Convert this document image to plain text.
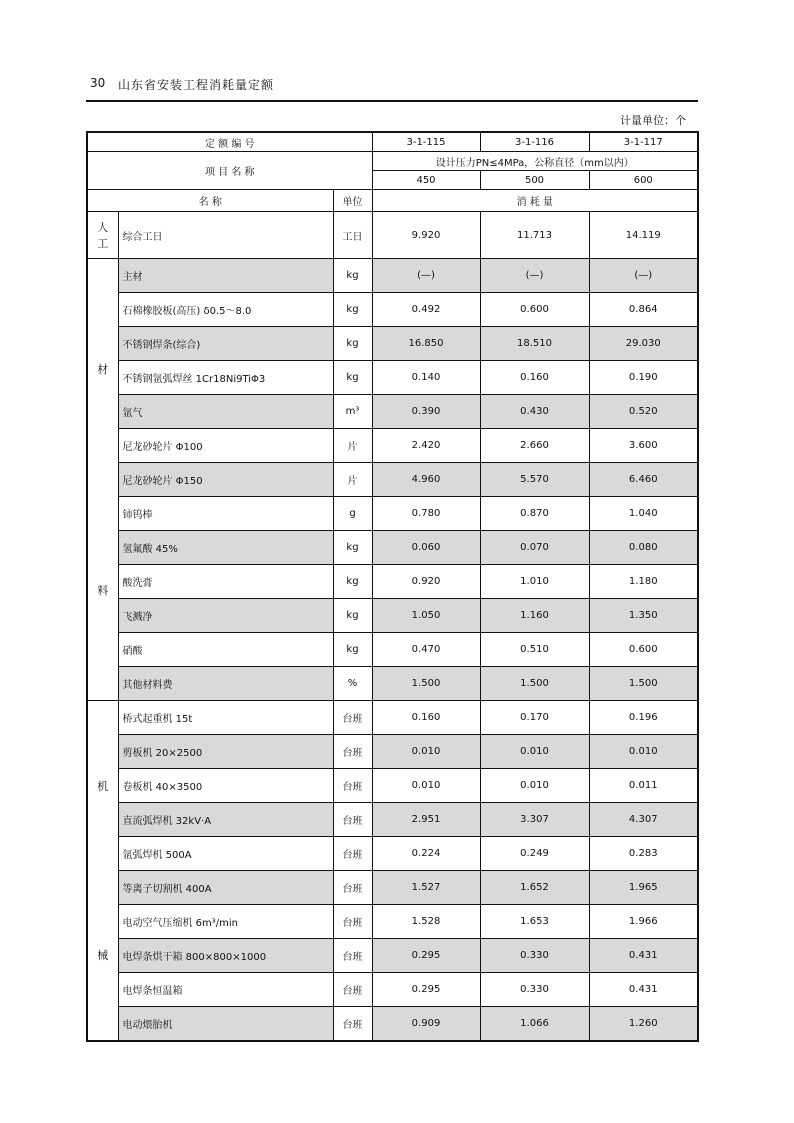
30 山东省安装工程消耗量定额
计量单位：个
定 额 编 号			3-1-115	3-1-116	3-1-117
项 目 名 称			设计压力PN≤4MPa，公称直径（mm以内）		
			450	500	600
名 称		单位	消 耗 量		

人
工	综合工日	工日	9.920	11.713	14.119

材
料	主材	kg	(—)	(—)	(—)
	石棉橡胶板(高压) δ0.5～8.0	kg	0.492	0.600	0.864
	不锈钢焊条(综合)	kg	16.850	18.510	29.030
	不锈钢氩弧焊丝 1Cr18Ni9TiΦ3	kg	0.140	0.160	0.190
	氩气	m³	0.390	0.430	0.520
	尼龙砂轮片 Φ100	片	2.420	2.660	3.600
	尼龙砂轮片 Φ150	片	4.960	5.570	6.460
	铈钨棒	g	0.780	0.870	1.040
	氢氟酸 45%	kg	0.060	0.070	0.080
	酸洗膏	kg	0.920	1.010	1.180
	飞溅净	kg	1.050	1.160	1.350
	硝酸	kg	0.470	0.510	0.600
	其他材料费	%	1.500	1.500	1.500

机
械	桥式起重机 15t	台班	0.160	0.170	0.196
	剪板机 20×2500	台班	0.010	0.010	0.010
	卷板机 40×3500	台班	0.010	0.010	0.011
	直流弧焊机 32kV·A	台班	2.951	3.307	4.307
	氩弧焊机 500A	台班	0.224	0.249	0.283
	等离子切割机 400A	台班	1.527	1.652	1.965
	电动空气压缩机 6m³/min	台班	1.528	1.653	1.966
	电焊条烘干箱 800×800×1000	台班	0.295	0.330	0.431
	电焊条恒温箱	台班	0.295	0.330	0.431
	电动煨胎机	台班	0.909	1.066	1.260
